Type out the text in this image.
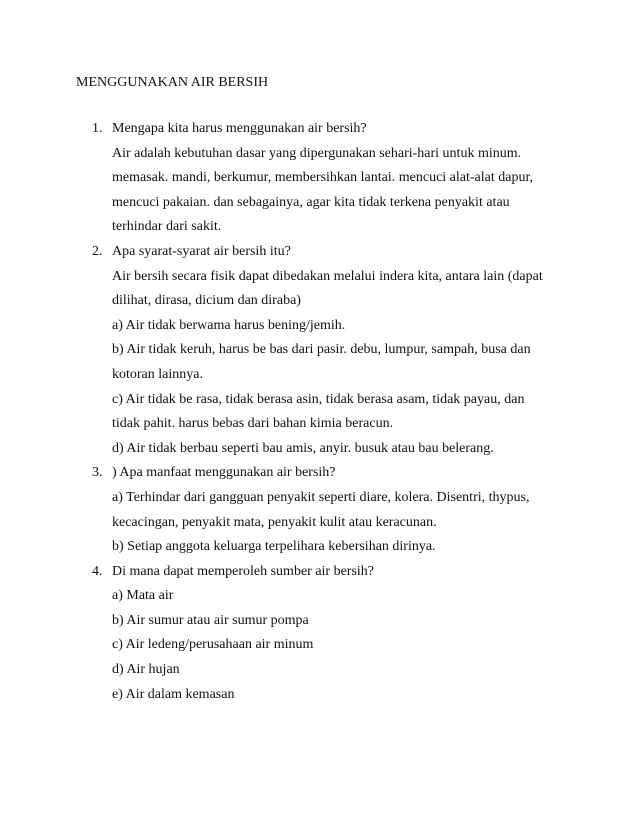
MENGGUNAKAN AIR BERSIH
1. Mengapa kita harus menggunakan air bersih?
Air adalah kebutuhan dasar yang dipergunakan sehari-hari untuk minum.
memasak. mandi, berkumur, membersihkan lantai. mencuci alat-alat dapur,
mencuci pakaian. dan sebagainya, agar kita tidak terkena penyakit atau
terhindar dari sakit.
2. Apa syarat-syarat air bersih itu?
Air bersih secara fisik dapat dibedakan melalui indera kita, antara lain (dapat
dilihat, dirasa, dicium dan diraba)
a) Air tidak berwama harus bening/jemih.
b) Air tidak keruh, harus be bas dari pasir. debu, lumpur, sampah, busa dan
kotoran lainnya.
c) Air tidak be rasa, tidak berasa asin, tidak berasa asam, tidak payau, dan
tidak pahit. harus bebas dari bahan kimia beracun.
d) Air tidak berbau seperti bau amis, anyir. busuk atau bau belerang.
3. ) Apa manfaat menggunakan air bersih?
a) Terhindar dari gangguan penyakit seperti diare, kolera. Disentri, thypus,
kecacingan, penyakit mata, penyakit kulit atau keracunan.
b) Setiap anggota keluarga terpelihara kebersihan dirinya.
4. Di mana dapat memperoleh sumber air bersih?
a) Mata air
b) Air sumur atau air sumur pompa
c) Air ledeng/perusahaan air minum
d) Air hujan
e) Air dalam kemasan
